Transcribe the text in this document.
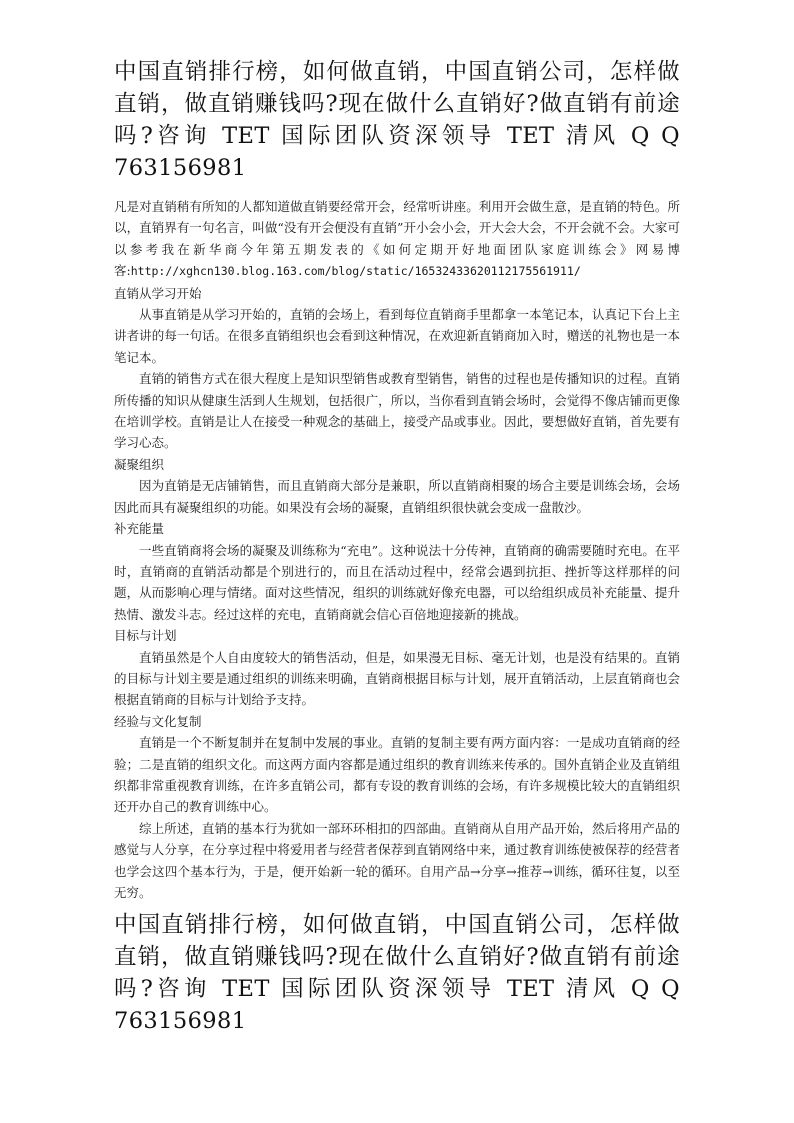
中国直销排行榜，如何做直销，中国直销公司，怎样做直销，做直销赚钱吗?现在做什么直销好?做直销有前途吗?咨询 TET 国际团队资深领导 TET 清风 Q Q 763156981

凡是对直销稍有所知的人都知道做直销要经常开会，经常听讲座。利用开会做生意，是直销的特色。所以，直销界有一句名言，叫做“没有开会便没有直销”开小会小会，开大会大会，不开会就不会。大家可以参考我在新华商今年第五期发表的《如何定期开好地面团队家庭训练会》网易博客:http://xghcn130.blog.163.com/blog/static/16532433620112175561911/

直销从学习开始

从事直销是从学习开始的，直销的会场上，看到每位直销商手里都拿一本笔记本，认真记下台上主讲者讲的每一句话。在很多直销组织也会看到这种情况，在欢迎新直销商加入时，赠送的礼物也是一本笔记本。

直销的销售方式在很大程度上是知识型销售或教育型销售，销售的过程也是传播知识的过程。直销所传播的知识从健康生活到人生规划，包括很广，所以，当你看到直销会场时，会觉得不像店铺而更像在培训学校。直销是让人在接受一种观念的基础上，接受产品或事业。因此，要想做好直销，首先要有学习心态。

凝聚组织

因为直销是无店铺销售，而且直销商大部分是兼职，所以直销商相聚的场合主要是训练会场，会场因此而具有凝聚组织的功能。如果没有会场的凝聚，直销组织很快就会变成一盘散沙。

补充能量

一些直销商将会场的凝聚及训练称为“充电”。这种说法十分传神，直销商的确需要随时充电。在平时，直销商的直销活动都是个别进行的，而且在活动过程中，经常会遇到抗拒、挫折等这样那样的问题，从而影响心理与情绪。面对这些情况，组织的训练就好像充电器，可以给组织成员补充能量、提升热情、激发斗志。经过这样的充电，直销商就会信心百倍地迎接新的挑战。

目标与计划

直销虽然是个人自由度较大的销售活动，但是，如果漫无目标、毫无计划，也是没有结果的。直销的目标与计划主要是通过组织的训练来明确，直销商根据目标与计划，展开直销活动，上层直销商也会根据直销商的目标与计划给予支持。

经验与文化复制

直销是一个不断复制并在复制中发展的事业。直销的复制主要有两方面内容：一是成功直销商的经验；二是直销的组织文化。而这两方面内容都是通过组织的教育训练来传承的。国外直销企业及直销组织都非常重视教育训练，在许多直销公司，都有专设的教育训练的会场，有许多规模比较大的直销组织还开办自己的教育训练中心。

综上所述，直销的基本行为犹如一部环环相扣的四部曲。直销商从自用产品开始，然后将用产品的感觉与人分享，在分享过程中将爱用者与经营者保荐到直销网络中来，通过教育训练使被保荐的经营者也学会这四个基本行为，于是，便开始新一轮的循环。自用产品→分享→推荐→训练，循环往复，以至无穷。

中国直销排行榜，如何做直销，中国直销公司，怎样做直销，做直销赚钱吗?现在做什么直销好?做直销有前途吗?咨询 TET 国际团队资深领导 TET 清风 Q Q 763156981
